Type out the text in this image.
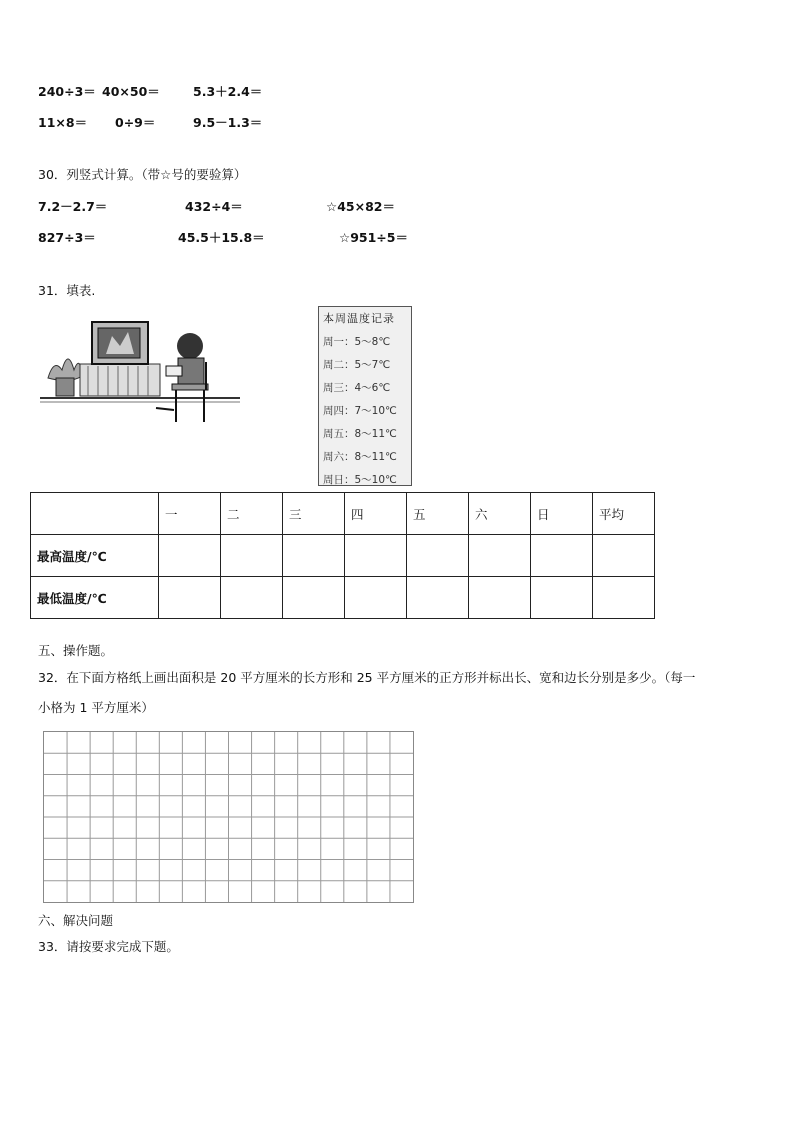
240÷3＝ 40×50＝	5.3＋2.4＝
11×8＝ 0÷9＝	9.5－1.3＝
30．列竖式计算。（带☆号的要验算）
7.2－2.7＝	432÷4＝	☆45×82＝
827÷3＝	45.5＋15.8＝	☆951÷5＝
31．填表.
本周温度记录
周一：5～8℃
周二：5～7℃
周三：4～6℃
周四：7～10℃
周五：8～11℃
周六：8～11℃
周日：5～10℃
	一	二	三	四	五	六	日	平均
最高温度/℃								
最低温度/℃								
五、操作题。
32．在下面方格纸上画出面积是 20 平方厘米的长方形和 25 平方厘米的正方形并标出长、宽和边长分别是多少。（每一
小格为 1 平方厘米）
六、解决问题
33．请按要求完成下题。
